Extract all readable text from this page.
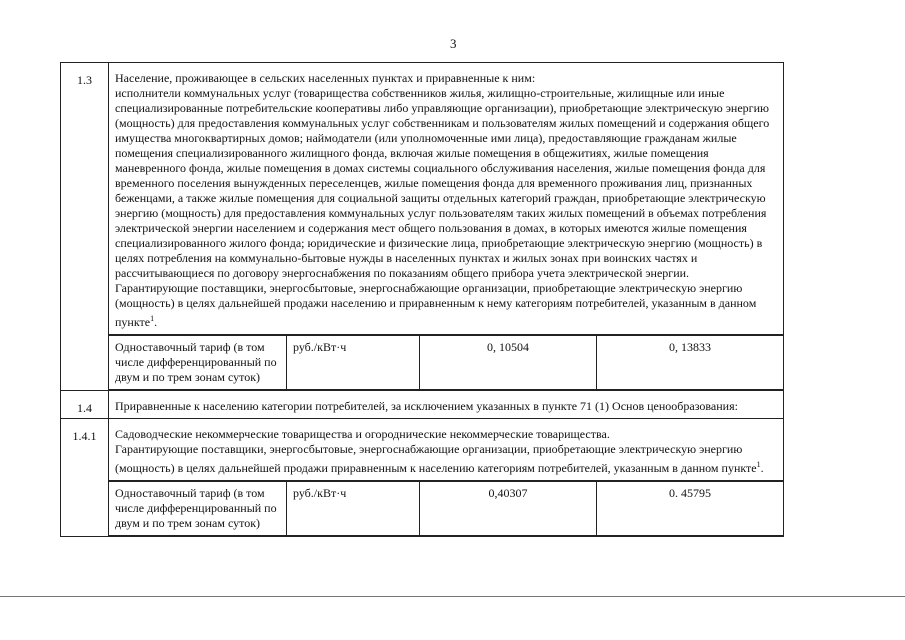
3
1.3	Население, проживающее в сельских населенных пунктах и приравненные к ним:
исполнители коммунальных услуг (товарищества собственников жилья, жилищно-строительные, жилищные или иные специализированные потребительские кооперативы либо управляющие организации), приобретающие электрическую энергию (мощность) для предоставления коммунальных услуг собственникам и пользователям жилых помещений и содержания общего имущества многоквартирных домов; наймодатели (или уполномоченные ими лица), предоставляющие гражданам жилые помещения специализированного жилищного фонда, включая жилые помещения в общежитиях, жилые помещения маневренного фонда, жилые помещения в домах системы социального обслуживания населения, жилые помещения фонда для временного поселения вынужденных переселенцев, жилые помещения фонда для временного проживания лиц, признанных беженцами, а также жилые помещения для социальной защиты отдельных категорий граждан, приобретающие электрическую энергию (мощность) для предоставления коммунальных услуг пользователям таких жилых помещений в объемах потребления электрической энергии населением и содержания мест общего пользования в домах, в которых имеются жилые помещения специализированного жилого фонда; юридические и физические лица, приобретающие электрическую энергию (мощность) в целях потребления на коммунально-бытовые нужды в населенных пунктах и жилых зонах при воинских частях и рассчитывающиеся по договору энергоснабжения по показаниям общего прибора учета электрической энергии.
Гарантирующие поставщики, энергосбытовые, энергоснабжающие организации, приобретающие электрическую энергию (мощность) в целях дальнейшей продажи населению и приравненным к нему категориям потребителей, указанным в данном пункте$^1$.

Одноставочный тариф (в том числе дифференцированный по двум и по трем зонам суток)	руб./кВт·ч	0, 10504	0, 13833

1.4	Приравненные к населению категории потребителей, за исключением указанных в пункте 71 (1) Основ ценообразования:
1.4.1	Садоводческие некоммерческие товарищества и огороднические некоммерческие товарищества.
Гарантирующие поставщики, энергосбытовые, энергоснабжающие организации, приобретающие электрическую энергию (мощность) в целях дальнейшей продажи приравненным к населению категориям потребителей, указанным в данном пункте$^1$.

Одноставочный тариф (в том числе дифференцированный по двум и по трем зонам суток)	руб./кВт·ч	0,40307	0. 45795
